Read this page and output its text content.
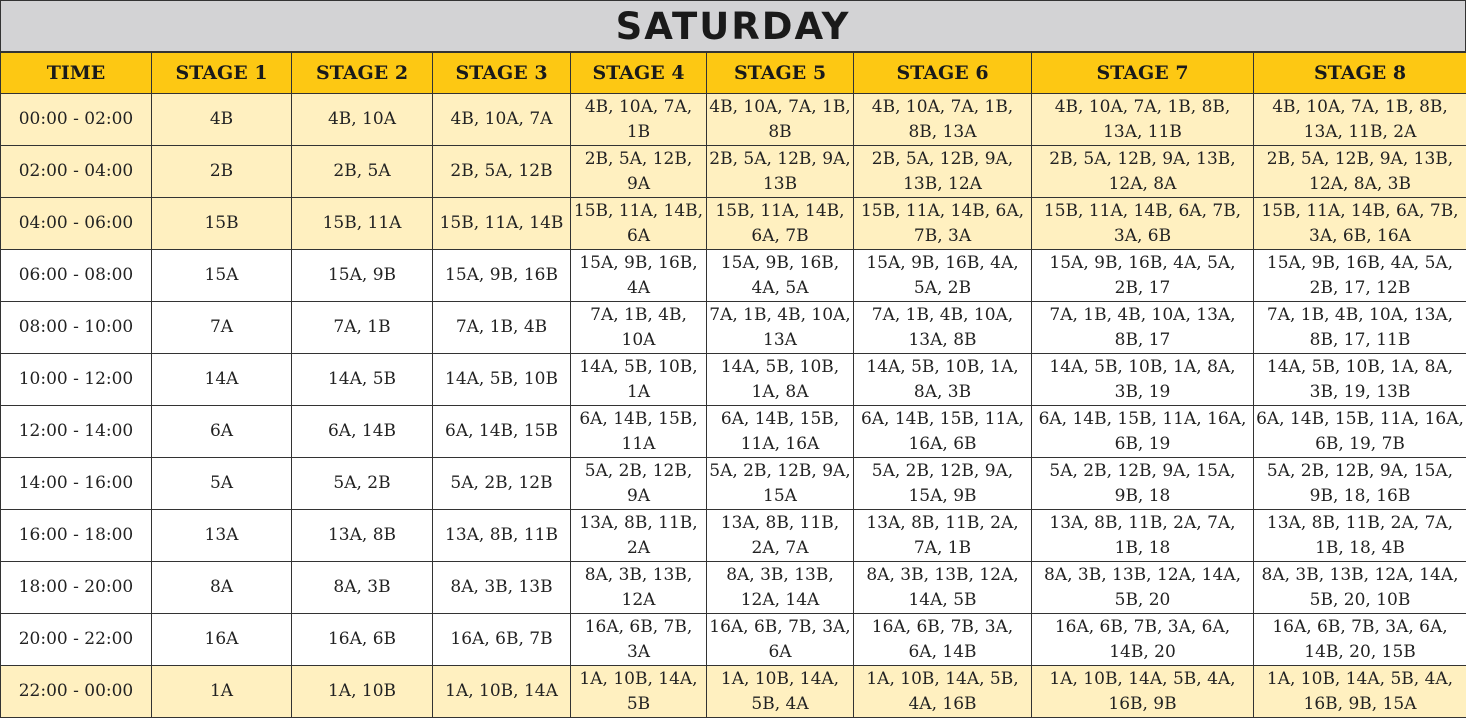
SATURDAY
TIME	STAGE 1	STAGE 2	STAGE 3	STAGE 4	STAGE 5	STAGE 6	STAGE 7	STAGE 8
00:00 - 02:00	4B	4B, 10A	4B, 10A, 7A	4B, 10A, 7A, 1B	4B, 10A, 7A, 1B, 8B	4B, 10A, 7A, 1B, 8B, 13A	4B, 10A, 7A, 1B, 8B, 13A, 11B	4B, 10A, 7A, 1B, 8B, 13A, 11B, 2A
02:00 - 04:00	2B	2B, 5A	2B, 5A, 12B	2B, 5A, 12B, 9A	2B, 5A, 12B, 9A, 13B	2B, 5A, 12B, 9A, 13B, 12A	2B, 5A, 12B, 9A, 13B, 12A, 8A	2B, 5A, 12B, 9A, 13B, 12A, 8A, 3B
04:00 - 06:00	15B	15B, 11A	15B, 11A, 14B	15B, 11A, 14B, 6A	15B, 11A, 14B, 6A, 7B	15B, 11A, 14B, 6A, 7B, 3A	15B, 11A, 14B, 6A, 7B, 3A, 6B	15B, 11A, 14B, 6A, 7B, 3A, 6B, 16A
06:00 - 08:00	15A	15A, 9B	15A, 9B, 16B	15A, 9B, 16B, 4A	15A, 9B, 16B, 4A, 5A	15A, 9B, 16B, 4A, 5A, 2B	15A, 9B, 16B, 4A, 5A, 2B, 17	15A, 9B, 16B, 4A, 5A, 2B, 17, 12B
08:00 - 10:00	7A	7A, 1B	7A, 1B, 4B	7A, 1B, 4B, 10A	7A, 1B, 4B, 10A, 13A	7A, 1B, 4B, 10A, 13A, 8B	7A, 1B, 4B, 10A, 13A, 8B, 17	7A, 1B, 4B, 10A, 13A, 8B, 17, 11B
10:00 - 12:00	14A	14A, 5B	14A, 5B, 10B	14A, 5B, 10B, 1A	14A, 5B, 10B, 1A, 8A	14A, 5B, 10B, 1A, 8A, 3B	14A, 5B, 10B, 1A, 8A, 3B, 19	14A, 5B, 10B, 1A, 8A, 3B, 19, 13B
12:00 - 14:00	6A	6A, 14B	6A, 14B, 15B	6A, 14B, 15B, 11A	6A, 14B, 15B, 11A, 16A	6A, 14B, 15B, 11A, 16A, 6B	6A, 14B, 15B, 11A, 16A, 6B, 19	6A, 14B, 15B, 11A, 16A, 6B, 19, 7B
14:00 - 16:00	5A	5A, 2B	5A, 2B, 12B	5A, 2B, 12B, 9A	5A, 2B, 12B, 9A, 15A	5A, 2B, 12B, 9A, 15A, 9B	5A, 2B, 12B, 9A, 15A, 9B, 18	5A, 2B, 12B, 9A, 15A, 9B, 18, 16B
16:00 - 18:00	13A	13A, 8B	13A, 8B, 11B	13A, 8B, 11B, 2A	13A, 8B, 11B, 2A, 7A	13A, 8B, 11B, 2A, 7A, 1B	13A, 8B, 11B, 2A, 7A, 1B, 18	13A, 8B, 11B, 2A, 7A, 1B, 18, 4B
18:00 - 20:00	8A	8A, 3B	8A, 3B, 13B	8A, 3B, 13B, 12A	8A, 3B, 13B, 12A, 14A	8A, 3B, 13B, 12A, 14A, 5B	8A, 3B, 13B, 12A, 14A, 5B, 20	8A, 3B, 13B, 12A, 14A, 5B, 20, 10B
20:00 - 22:00	16A	16A, 6B	16A, 6B, 7B	16A, 6B, 7B, 3A	16A, 6B, 7B, 3A, 6A	16A, 6B, 7B, 3A, 6A, 14B	16A, 6B, 7B, 3A, 6A, 14B, 20	16A, 6B, 7B, 3A, 6A, 14B, 20, 15B
22:00 - 00:00	1A	1A, 10B	1A, 10B, 14A	1A, 10B, 14A, 5B	1A, 10B, 14A, 5B, 4A	1A, 10B, 14A, 5B, 4A, 16B	1A, 10B, 14A, 5B, 4A, 16B, 9B	1A, 10B, 14A, 5B, 4A, 16B, 9B, 15A
